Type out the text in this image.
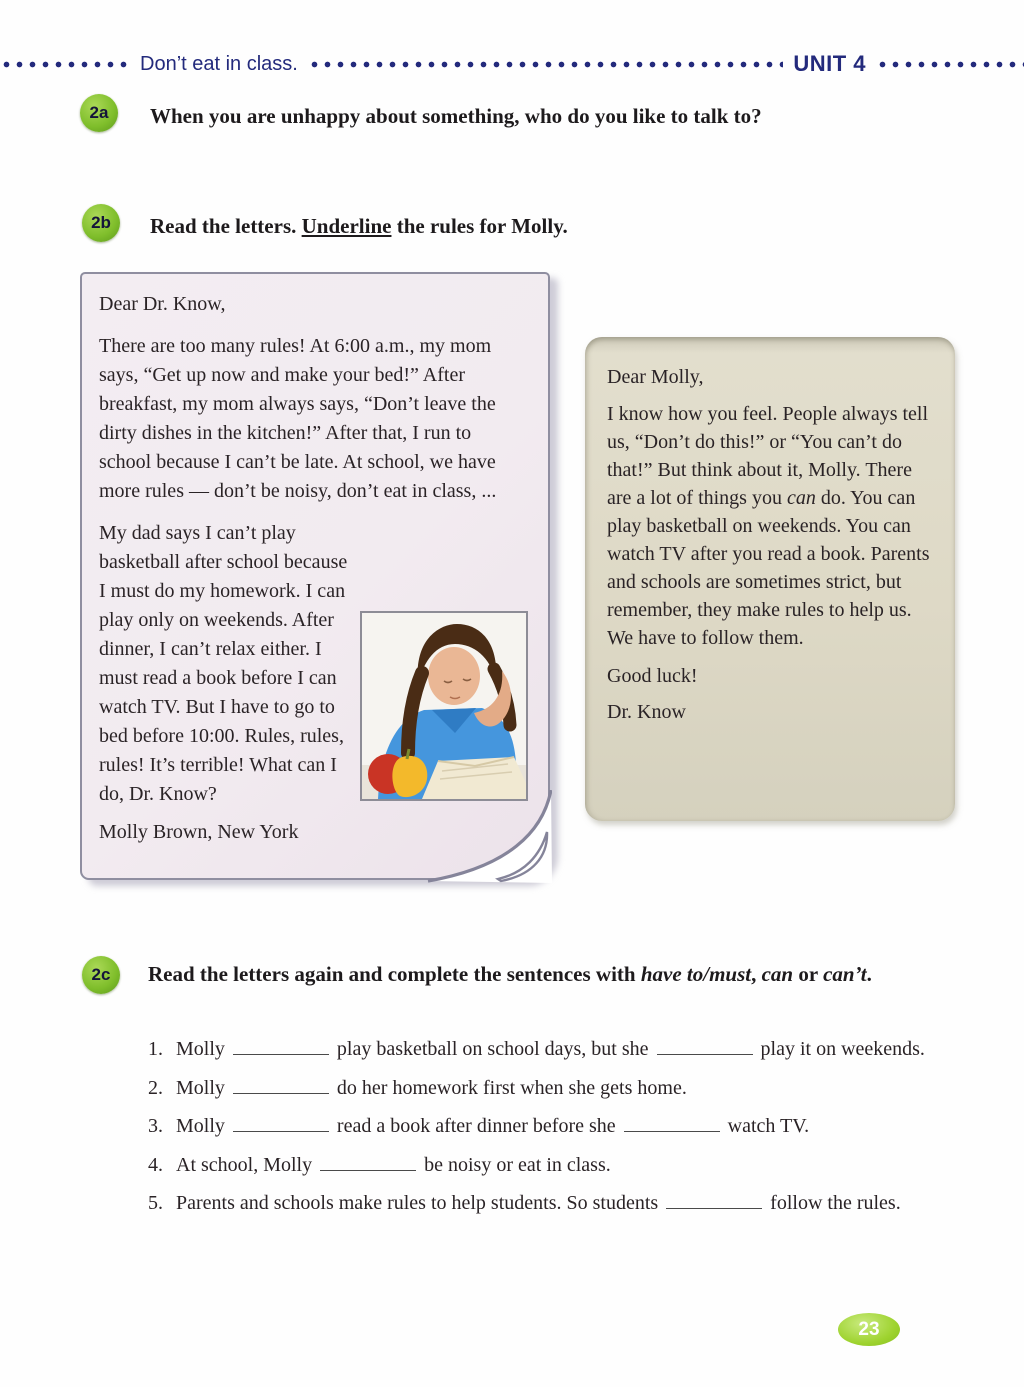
Don’t eat in class.	UNIT 4
2a	When you are unhappy about something, who do you like to talk to?
2b	Read the letters. Underline the rules for Molly.

Dear Dr. Know,

There are too many rules! At 6:00 a.m., my mom says, “Get up now and make your bed!” After breakfast, my mom always says, “Don’t leave the dirty dishes in the kitchen!” After that, I run to school because I can’t be late. At school, we have more rules — don’t be noisy, don’t eat in class, ...

My dad says I can’t play basketball after school because I must do my homework. I can play only on weekends. After dinner, I can’t relax either. I must read a book before I can watch TV. But I have to go to bed before 10:00. Rules, rules, rules! It’s terrible! What can I do, Dr. Know?

Molly Brown, New York

Dear Molly,

I know how you feel. People always tell us, “Don’t do this!” or “You can’t do that!” But think about it, Molly. There are a lot of things you can do. You can play basketball on weekends. You can watch TV after you read a book. Parents and schools are sometimes strict, but remember, they make rules to help us. We have to follow them.

Good luck!

Dr. Know

2c	Read the letters again and complete the sentences with have to/must, can or can’t.
1. Molly	play basketball on school days, but she	play it on weekends.
2. Molly	do her homework first when she gets home.
3. Molly	read a book after dinner before she	watch TV.
4. At school, Molly	be noisy or eat in class.
5. Parents and schools make rules to help students. So students	follow the rules.
23
